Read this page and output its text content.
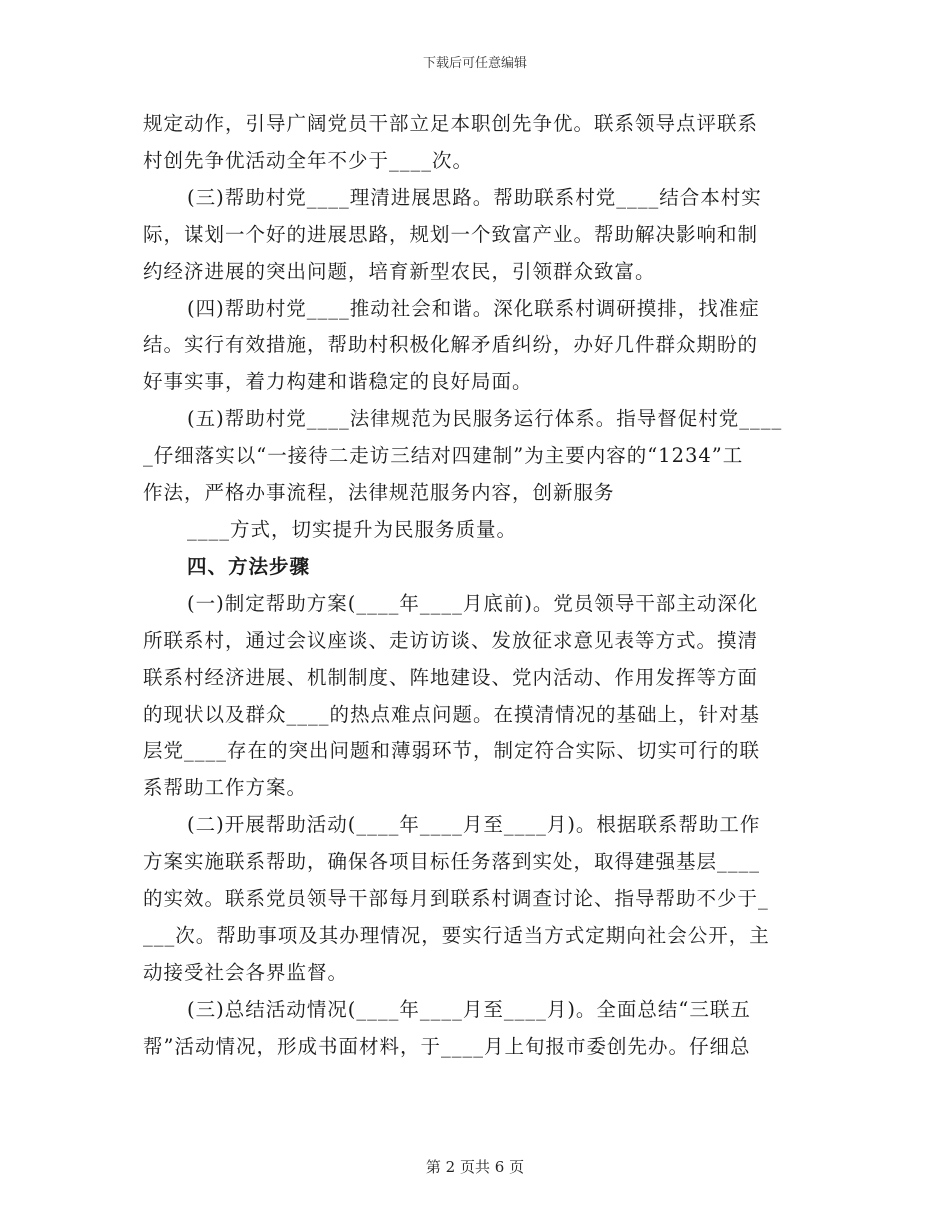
下载后可任意编辑

规定动作，引导广阔党员干部立足本职创先争优。联系领导点评联系

村创先争优活动全年不少于____次。

(三)帮助村党____理清进展思路。帮助联系村党____结合本村实

际，谋划一个好的进展思路，规划一个致富产业。帮助解决影响和制

约经济进展的突出问题，培育新型农民，引领群众致富。

(四)帮助村党____推动社会和谐。深化联系村调研摸排，找准症

结。实行有效措施，帮助村积极化解矛盾纠纷，办好几件群众期盼的

好事实事，着力构建和谐稳定的良好局面。

(五)帮助村党____法律规范为民服务运行体系。指导督促村党____

_仔细落实以“一接待二走访三结对四建制”为主要内容的“1234”工

作法，严格办事流程，法律规范服务内容，创新服务

____方式，切实提升为民服务质量。

四、方法步骤

(一)制定帮助方案(____年____月底前)。党员领导干部主动深化

所联系村，通过会议座谈、走访访谈、发放征求意见表等方式。摸清

联系村经济进展、机制制度、阵地建设、党内活动、作用发挥等方面

的现状以及群众____的热点难点问题。在摸清情况的基础上，针对基

层党____存在的突出问题和薄弱环节，制定符合实际、切实可行的联

系帮助工作方案。

(二)开展帮助活动(____年____月至____月)。根据联系帮助工作

方案实施联系帮助，确保各项目标任务落到实处，取得建强基层____

的实效。联系党员领导干部每月到联系村调查讨论、指导帮助不少于_

___次。帮助事项及其办理情况，要实行适当方式定期向社会公开，主

动接受社会各界监督。

(三)总结活动情况(____年____月至____月)。全面总结“三联五

帮”活动情况，形成书面材料，于____月上旬报市委创先办。仔细总

第 2 页共 6 页
